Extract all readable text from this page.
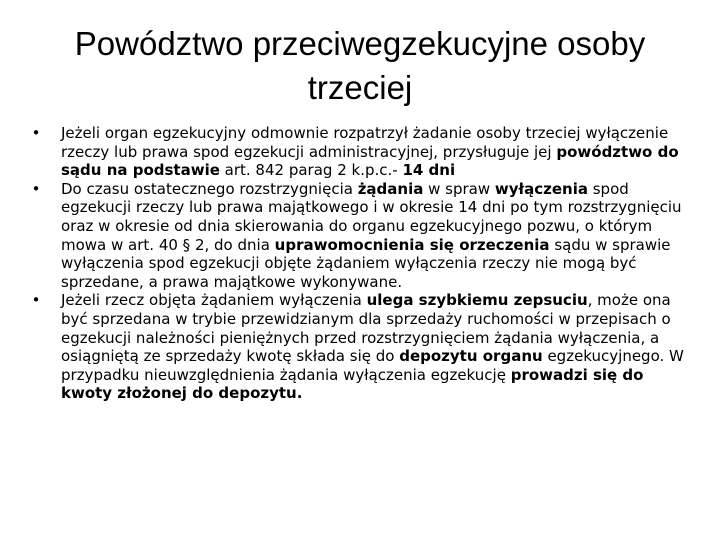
Powództwo przeciwegzekucyjne osoby
trzeciej
• Jeżeli organ egzekucyjny odmownie rozpatrzył żadanie osoby trzeciej wyłączenie rzeczy lub prawa spod egzekucji administracyjnej, przysługuje jej powództwo do sądu na podstawie art. 842 parag 2 k.p.c.- 14 dni
• Do czasu ostatecznego rozstrzygnięcia żądania w spraw wyłączenia spod egzekucji rzeczy lub prawa majątkowego i w okresie 14 dni po tym rozstrzygnięciu oraz w okresie od dnia skierowania do organu egzekucyjnego pozwu, o którym mowa w art. 40 § 2, do dnia uprawomocnienia się orzeczenia sądu w sprawie wyłączenia spod egzekucji objęte żądaniem wyłączenia rzeczy nie mogą być sprzedane, a prawa majątkowe wykonywane.
• Jeżeli rzecz objęta żądaniem wyłączenia ulega szybkiemu zepsuciu, może ona być sprzedana w trybie przewidzianym dla sprzedaży ruchomości w przepisach o egzekucji należności pieniężnych przed rozstrzygnięciem żądania wyłączenia, a osiągniętą ze sprzedaży kwotę składa się do depozytu organu egzekucyjnego. W przypadku nieuwzględnienia żądania wyłączenia egzekucję prowadzi się do kwoty złożonej do depozytu.
